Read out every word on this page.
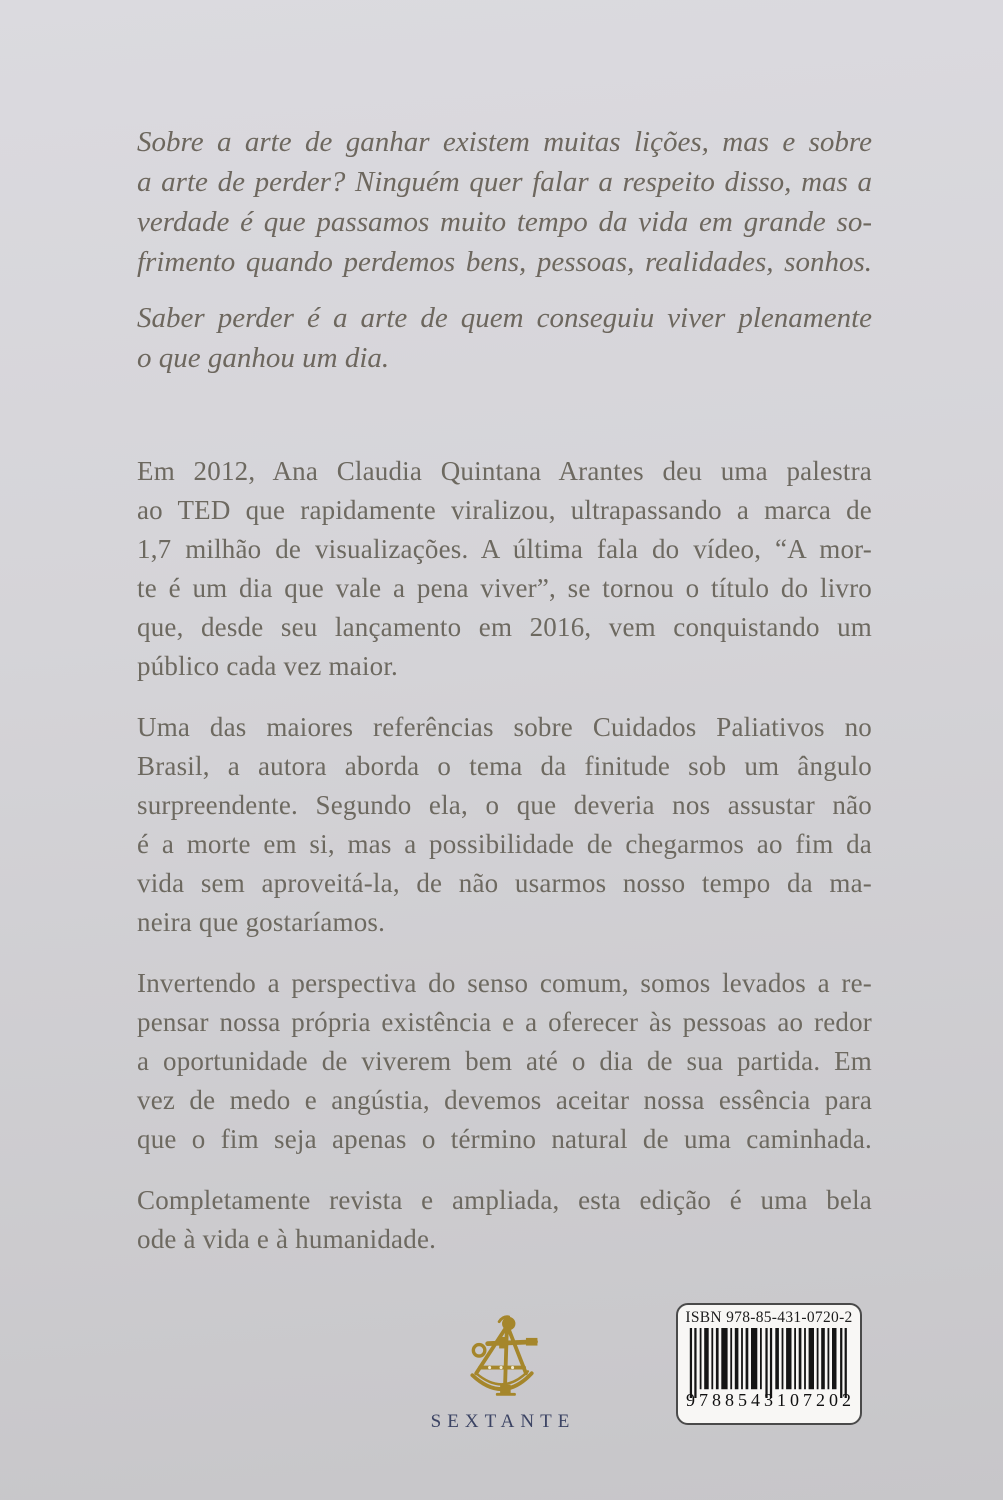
Sobre a arte de ganhar existem muitas lições, mas e sobre
a arte de perder? Ninguém quer falar a respeito disso, mas a
verdade é que passamos muito tempo da vida em grande so-
frimento quando perdemos bens, pessoas, realidades, sonhos.

Saber perder é a arte de quem conseguiu viver plenamente
o que ganhou um dia.

Em 2012, Ana Claudia Quintana Arantes deu uma palestra
ao TED que rapidamente viralizou, ultrapassando a marca de
1,7 milhão de visualizações. A última fala do vídeo, “A mor-
te é um dia que vale a pena viver”, se tornou o título do livro
que, desde seu lançamento em 2016, vem conquistando um
público cada vez maior.

Uma das maiores referências sobre Cuidados Paliativos no
Brasil, a autora aborda o tema da finitude sob um ângulo
surpreendente. Segundo ela, o que deveria nos assustar não
é a morte em si, mas a possibilidade de chegarmos ao fim da
vida sem aproveitá-la, de não usarmos nosso tempo da ma-
neira que gostaríamos.

Invertendo a perspectiva do senso comum, somos levados a re-
pensar nossa própria existência e a oferecer às pessoas ao redor
a oportunidade de viverem bem até o dia de sua partida. Em
vez de medo e angústia, devemos aceitar nossa essência para
que o fim seja apenas o término natural de uma caminhada.

Completamente revista e ampliada, esta edição é uma bela
ode à vida e à humanidade.

SEXTANTE
ISBN 978-85-431-0720-2
9 788543 107202
